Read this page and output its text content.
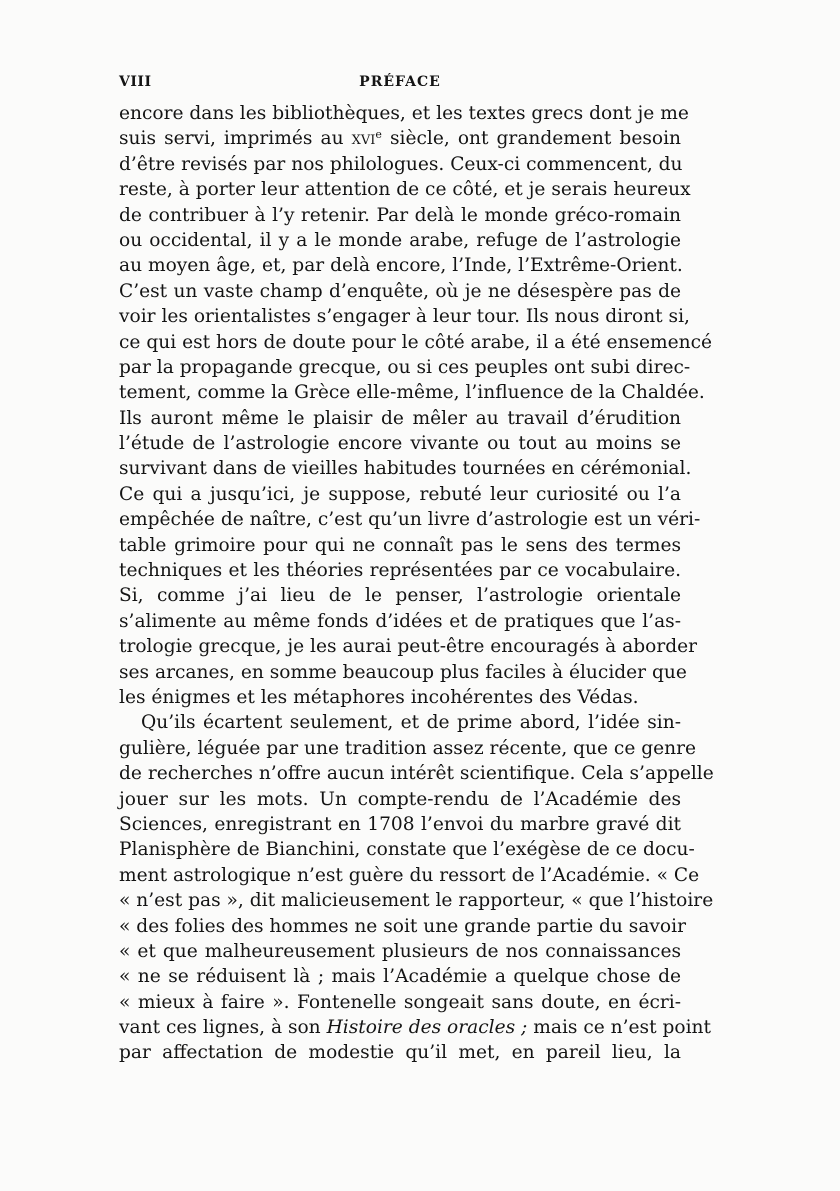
VIII	PRÉFACE
encore dans les bibliothèques, et les textes grecs dont je me
suis servi, imprimés au xvi$^e$ siècle, ont grandement besoin
d’être revisés par nos philologues. Ceux-ci commencent, du
reste, à porter leur attention de ce côté, et je serais heureux
de contribuer à l’y retenir. Par delà le monde gréco-romain
ou occidental, il y a le monde arabe, refuge de l’astrologie
au moyen âge, et, par delà encore, l’Inde, l’Extrême-Orient.
C’est un vaste champ d’enquête, où je ne désespère pas de
voir les orientalistes s’engager à leur tour. Ils nous diront si,
ce qui est hors de doute pour le côté arabe, il a été ensemencé
par la propagande grecque, ou si ces peuples ont subi direc-
tement, comme la Grèce elle-même, l’influence de la Chaldée.
Ils auront même le plaisir de mêler au travail d’érudition
l’étude de l’astrologie encore vivante ou tout au moins se
survivant dans de vieilles habitudes tournées en cérémonial.
Ce qui a jusqu’ici, je suppose, rebuté leur curiosité ou l’a
empêchée de naître, c’est qu’un livre d’astrologie est un véri-
table grimoire pour qui ne connaît pas le sens des termes
techniques et les théories représentées par ce vocabulaire.
Si, comme j’ai lieu de le penser, l’astrologie orientale
s’alimente au même fonds d’idées et de pratiques que l’as-
trologie grecque, je les aurai peut-être encouragés à aborder
ses arcanes, en somme beaucoup plus faciles à élucider que
les énigmes et les métaphores incohérentes des Védas.
Qu’ils écartent seulement, et de prime abord, l’idée sin-
gulière, léguée par une tradition assez récente, que ce genre
de recherches n’offre aucun intérêt scientifique. Cela s’appelle
jouer sur les mots. Un compte-rendu de l’Académie des
Sciences, enregistrant en 1708 l’envoi du marbre gravé dit
Planisphère de Bianchini, constate que l’exégèse de ce docu-
ment astrologique n’est guère du ressort de l’Académie. « Ce
« n’est pas », dit malicieusement le rapporteur, « que l’histoire
« des folies des hommes ne soit une grande partie du savoir
« et que malheureusement plusieurs de nos connaissances
« ne se réduisent là ; mais l’Académie a quelque chose de
« mieux à faire ». Fontenelle songeait sans doute, en écri-
vant ces lignes, à son Histoire des oracles ; mais ce n’est point
par affectation de modestie qu’il met, en pareil lieu, la
